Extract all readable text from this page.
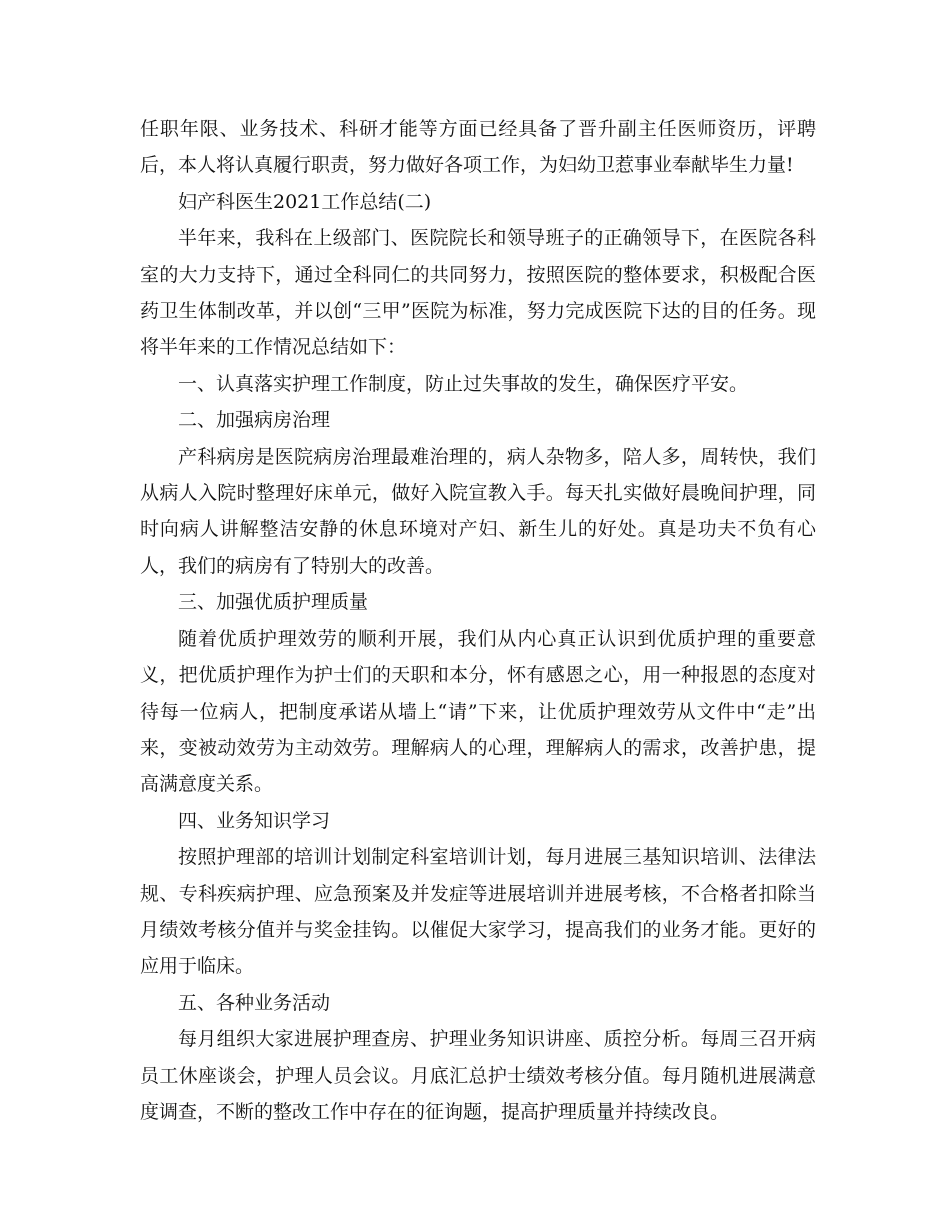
任职年限、业务技术、科研才能等方面已经具备了晋升副主任医师资历，评聘后，本人将认真履行职责，努力做好各项工作，为妇幼卫惹事业奉献毕生力量!

妇产科医生2021工作总结(二)

半年来，我科在上级部门、医院院长和领导班子的正确领导下，在医院各科室的大力支持下，通过全科同仁的共同努力，按照医院的整体要求，积极配合医药卫生体制改革，并以创“三甲”医院为标准，努力完成医院下达的目的任务。现将半年来的工作情况总结如下：

一、认真落实护理工作制度，防止过失事故的发生，确保医疗平安。

二、加强病房治理

产科病房是医院病房治理最难治理的，病人杂物多，陪人多，周转快，我们从病人入院时整理好床单元，做好入院宣教入手。每天扎实做好晨晚间护理，同时向病人讲解整洁安静的休息环境对产妇、新生儿的好处。真是功夫不负有心人，我们的病房有了特别大的改善。

三、加强优质护理质量

随着优质护理效劳的顺利开展，我们从内心真正认识到优质护理的重要意义，把优质护理作为护士们的天职和本分，怀有感恩之心，用一种报恩的态度对待每一位病人，把制度承诺从墙上“请”下来，让优质护理效劳从文件中“走”出来，变被动效劳为主动效劳。理解病人的心理，理解病人的需求，改善护患，提高满意度关系。

四、业务知识学习

按照护理部的培训计划制定科室培训计划，每月进展三基知识培训、法律法规、专科疾病护理、应急预案及并发症等进展培训并进展考核，不合格者扣除当月绩效考核分值并与奖金挂钩。以催促大家学习，提高我们的业务才能。更好的应用于临床。

五、各种业务活动

每月组织大家进展护理查房、护理业务知识讲座、质控分析。每周三召开病员工休座谈会，护理人员会议。月底汇总护士绩效考核分值。每月随机进展满意度调查，不断的整改工作中存在的征询题，提高护理质量并持续改良。
